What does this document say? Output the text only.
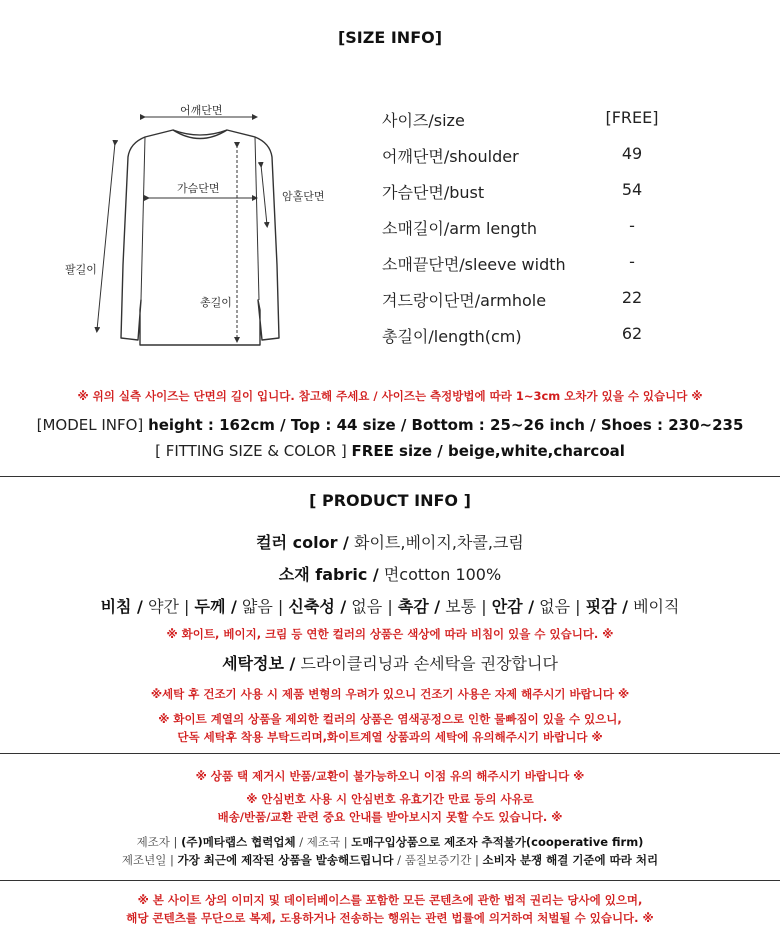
[SIZE INFO]
어깨단면
가슴단면
암홀단면
팔길이
총길이
사이즈/size	[FREE]
어깨단면/shoulder	49
가슴단면/bust	54
소매길이/arm length	-
소매끝단면/sleeve width	-
겨드랑이단면/armhole	22
총길이/length(cm)	62
※ 위의 실측 사이즈는 단면의 길이 입니다. 참고해 주세요 / 사이즈는 측정방법에 따라 1~3cm 오차가 있을 수 있습니다 ※
[MODEL INFO] height : 162cm / Top : 44 size / Bottom : 25~26 inch / Shoes : 230~235
[ FITTING SIZE & COLOR ] FREE size / beige,white,charcoal
[ PRODUCT INFO ]
컬러 color / 화이트,베이지,차콜,크림
소재 fabric / 면cotton 100%
비침 / 약간 | 두께 / 얇음 | 신축성 / 없음 | 촉감 / 보통 | 안감 / 없음 | 핏감 / 베이직
※ 화이트, 베이지, 크림 등 연한 컬러의 상품은 색상에 따라 비침이 있을 수 있습니다. ※
세탁정보 / 드라이클리닝과 손세탁을 권장합니다
※세탁 후 건조기 사용 시 제품 변형의 우려가 있으니 건조기 사용은 자제 해주시기 바랍니다 ※
※ 화이트 계열의 상품을 제외한 컬러의 상품은 염색공정으로 인한 물빠짐이 있을 수 있으니,
단독 세탁후 착용 부탁드리며,화이트계열 상품과의 세탁에 유의해주시기 바랍니다 ※
※ 상품 택 제거시 반품/교환이 불가능하오니 이점 유의 해주시기 바랍니다 ※
※ 안심번호 사용 시 안심번호 유효기간 만료 등의 사유로
배송/반품/교환 관련 중요 안내를 받아보시지 못할 수도 있습니다. ※
제조자 | (주)메타랩스 협력업체 / 제조국 | 도매구입상품으로 제조자 추적불가(cooperative firm)
제조년일 | 가장 최근에 제작된 상품을 발송해드립니다 / 품질보증기간 | 소비자 분쟁 해결 기준에 따라 처리
※ 본 사이트 상의 이미지 및 데이터베이스를 포함한 모든 콘텐츠에 관한 법적 권리는 당사에 있으며,
해당 콘텐츠를 무단으로 복제, 도용하거나 전송하는 행위는 관련 법률에 의거하여 처벌될 수 있습니다. ※
